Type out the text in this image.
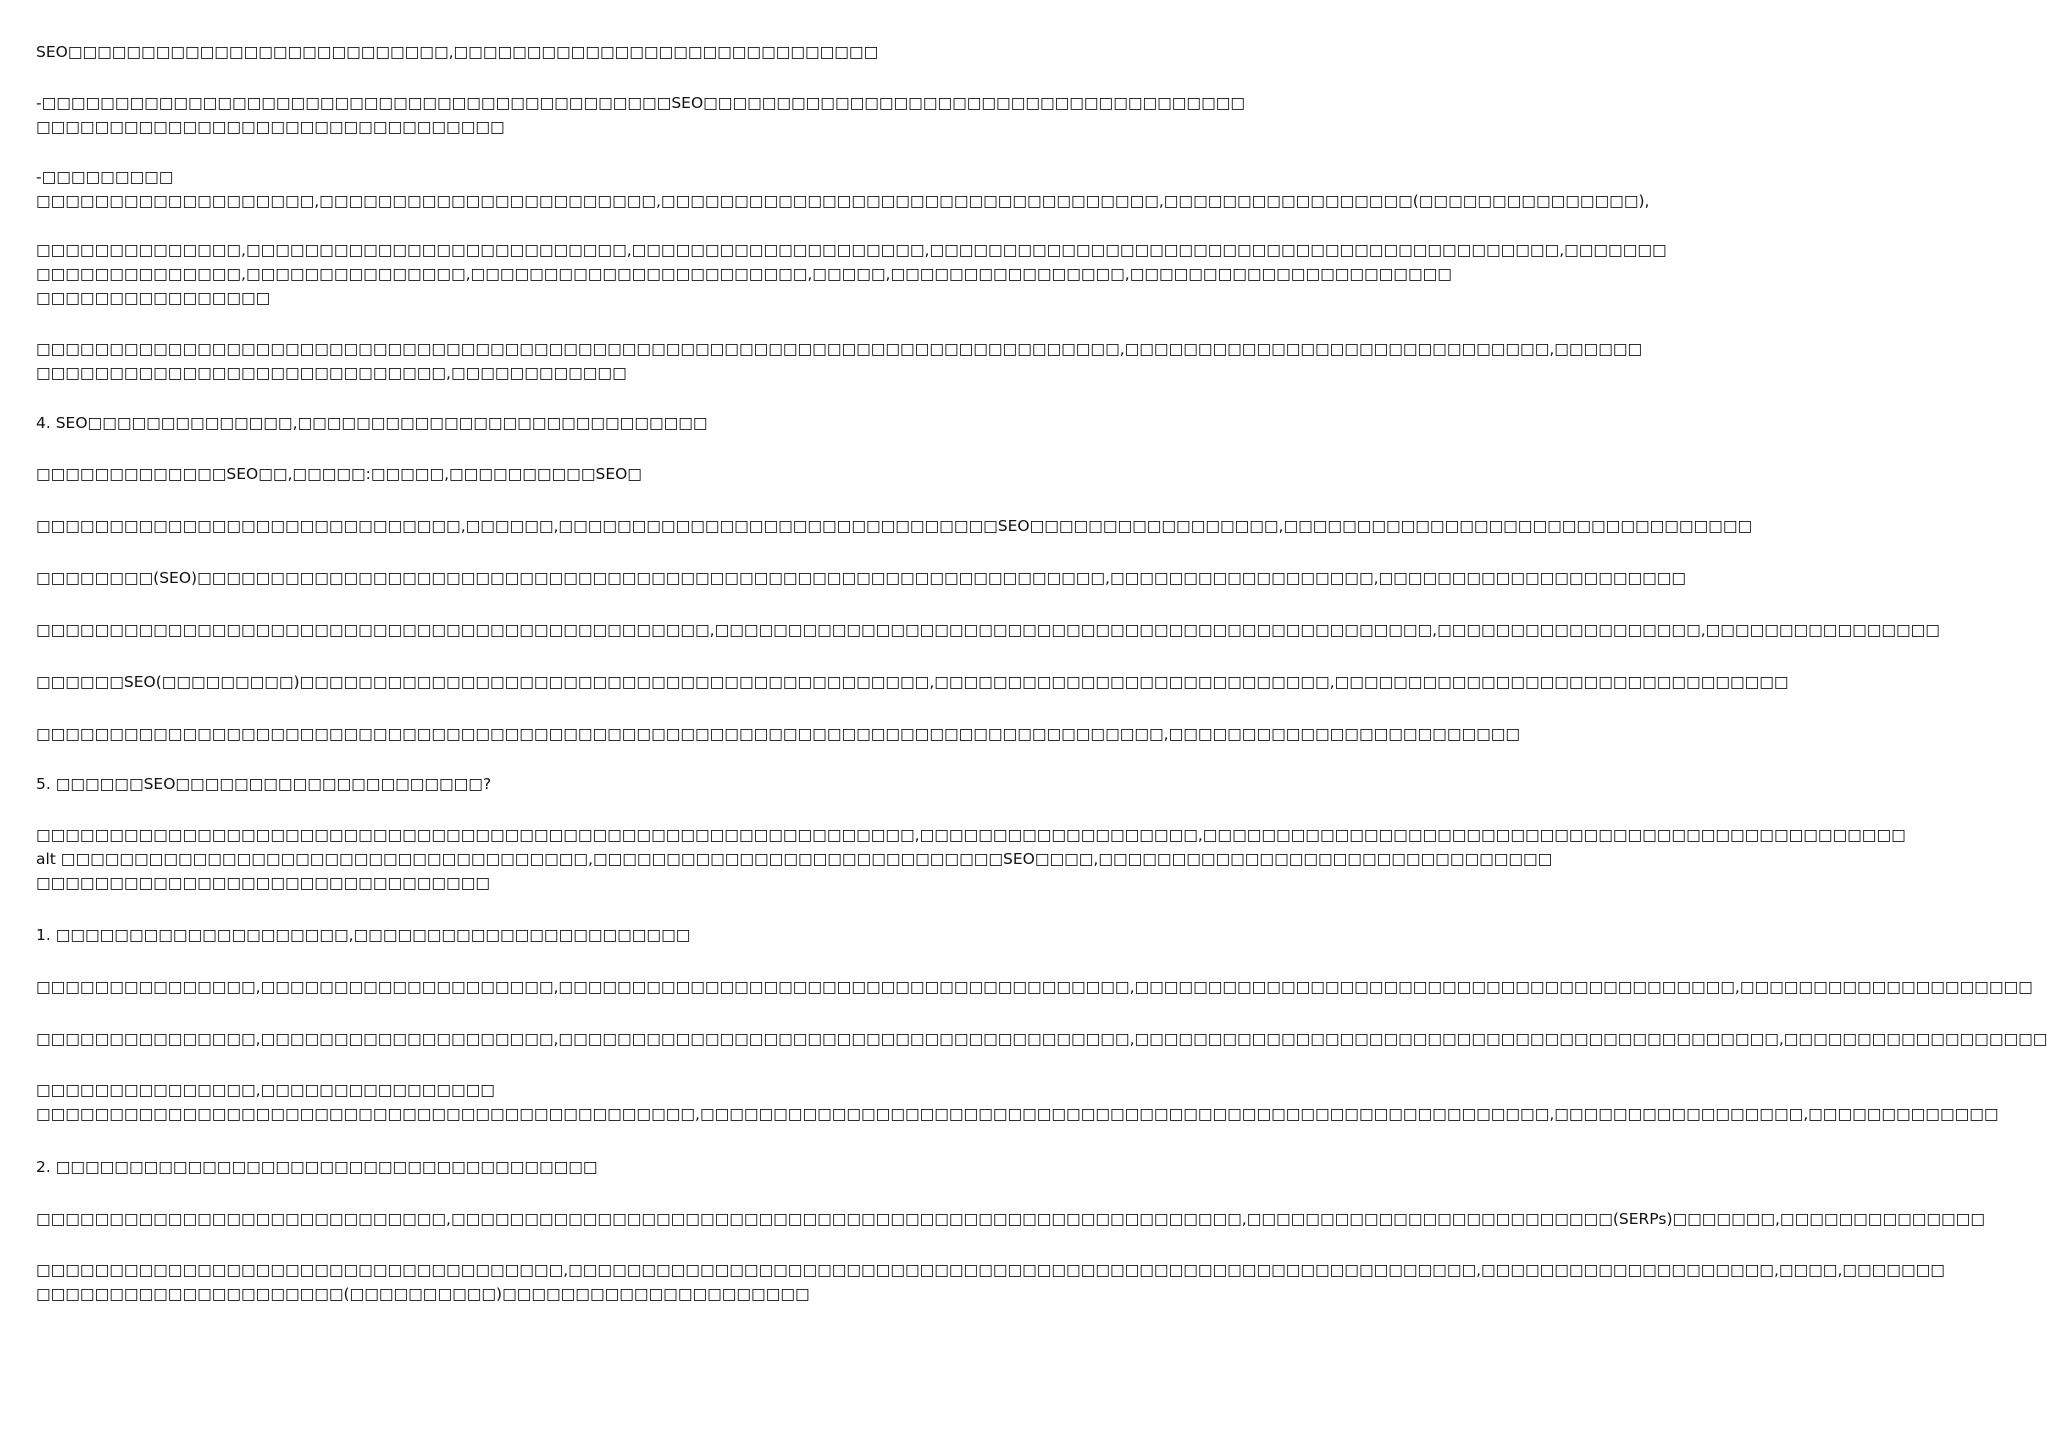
SEO□□□□□□□□□□□□□□□□□□□□□□□□□□,□□□□□□□□□□□□□□□□□□□□□□□□□□□□□
-□□□□□□□□□□□□□□□□□□□□□□□□□□□□□□□□□□□□□□□□□□□SEO□□□□□□□□□□□□□□□□□□□□□□□□□□□□□□□□□□□□□
□□□□□□□□□□□□□□□□□□□□□□□□□□□□□□□□
-□□□□□□□□□
□□□□□□□□□□□□□□□□□□□,□□□□□□□□□□□□□□□□□□□□□□□,□□□□□□□□□□□□□□□□□□□□□□□□□□□□□□□□□□,□□□□□□□□□□□□□□□□□(□□□□□□□□□□□□□□□),
□□□□□□□□□□□□□□,□□□□□□□□□□□□□□□□□□□□□□□□□□,□□□□□□□□□□□□□□□□□□□□,□□□□□□□□□□□□□□□□□□□□□□□□□□□□□□□□□□□□□□□□□□□,□□□□□□□
□□□□□□□□□□□□□□,□□□□□□□□□□□□□□□,□□□□□□□□□□□□□□□□□□□□□□□,□□□□□,□□□□□□□□□□□□□□□□,□□□□□□□□□□□□□□□□□□□□□□
□□□□□□□□□□□□□□□□
□□□□□□□□□□□□□□□□□□□□□□□□□□□□□□□□□□□□□□□□□□□□□□□□□□□□□□□□□□□□□□□□□□□□□□□□□□,□□□□□□□□□□□□□□□□□□□□□□□□□□□□□,□□□□□□
□□□□□□□□□□□□□□□□□□□□□□□□□□□□,□□□□□□□□□□□□
4. SEO□□□□□□□□□□□□□□,□□□□□□□□□□□□□□□□□□□□□□□□□□□□
□□□□□□□□□□□□□SEO□□,□□□□□:□□□□□,□□□□□□□□□□SEO□
□□□□□□□□□□□□□□□□□□□□□□□□□□□□□,□□□□□□,□□□□□□□□□□□□□□□□□□□□□□□□□□□□□□SEO□□□□□□□□□□□□□□□□□,□□□□□□□□□□□□□□□□□□□□□□□□□□□□□□□□
□□□□□□□□(SEO)□□□□□□□□□□□□□□□□□□□□□□□□□□□□□□□□□□□□□□□□□□□□□□□□□□□□□□□□□□□□□□,□□□□□□□□□□□□□□□□□□,□□□□□□□□□□□□□□□□□□□□□
□□□□□□□□□□□□□□□□□□□□□□□□□□□□□□□□□□□□□□□□□□□□□□,□□□□□□□□□□□□□□□□□□□□□□□□□□□□□□□□□□□□□□□□□□□□□□□□□,□□□□□□□□□□□□□□□□□□,□□□□□□□□□□□□□□□□
□□□□□□SEO(□□□□□□□□□)□□□□□□□□□□□□□□□□□□□□□□□□□□□□□□□□□□□□□□□□□□□,□□□□□□□□□□□□□□□□□□□□□□□□□□□,□□□□□□□□□□□□□□□□□□□□□□□□□□□□□□□
□□□□□□□□□□□□□□□□□□□□□□□□□□□□□□□□□□□□□□□□□□□□□□□□□□□□□□□□□□□□□□□□□□□□□□□□□□□□□,□□□□□□□□□□□□□□□□□□□□□□□□
5. □□□□□□SEO□□□□□□□□□□□□□□□□□□□□□?
□□□□□□□□□□□□□□□□□□□□□□□□□□□□□□□□□□□□□□□□□□□□□□□□□□□□□□□□□□□□,□□□□□□□□□□□□□□□□□□□,□□□□□□□□□□□□□□□□□□□□□□□□□□□□□□□□□□□□□□□□□□□□□□□□
alt □□□□□□□□□□□□□□□□□□□□□□□□□□□□□□□□□□□□,□□□□□□□□□□□□□□□□□□□□□□□□□□□□SEO□□□□,□□□□□□□□□□□□□□□□□□□□□□□□□□□□□□□
□□□□□□□□□□□□□□□□□□□□□□□□□□□□□□□
1. □□□□□□□□□□□□□□□□□□□□,□□□□□□□□□□□□□□□□□□□□□□□
□□□□□□□□□□□□□□□,□□□□□□□□□□□□□□□□□□□□,□□□□□□□□□□□□□□□□□□□□□□□□□□□□□□□□□□□□□□□,□□□□□□□□□□□□□□□□□□□□□□□□□□□□□□□□□□□□□□□□□,□□□□□□□□□□□□□□□□□□□□
□□□□□□□□□□□□□□□,□□□□□□□□□□□□□□□□□□□□,□□□□□□□□□□□□□□□□□□□□□□□□□□□□□□□□□□□□□□□,□□□□□□□□□□□□□□□□□□□□□□□□□□□□□□□□□□□□□□□□□□□□,□□□□□□□□□□□□□□□□□□
□□□□□□□□□□□□□□□,□□□□□□□□□□□□□□□□
□□□□□□□□□□□□□□□□□□□□□□□□□□□□□□□□□□□□□□□□□□□□□,□□□□□□□□□□□□□□□□□□□□□□□□□□□□□□□□□□□□□□□□□□□□□□□□□□□□□□□□□□,□□□□□□□□□□□□□□□□□,□□□□□□□□□□□□□
2. □□□□□□□□□□□□□□□□□□□□□□□□□□□□□□□□□□□□□
□□□□□□□□□□□□□□□□□□□□□□□□□□□□,□□□□□□□□□□□□□□□□□□□□□□□□□□□□□□□□□□□□□□□□□□□□□□□□□□□□□□,□□□□□□□□□□□□□□□□□□□□□□□□□(SERPs)□□□□□□□,□□□□□□□□□□□□□□
□□□□□□□□□□□□□□□□□□□□□□□□□□□□□□□□□□□□,□□□□□□□□□□□□□□□□□□□□□□□□□□□□□□□□□□□□□□□□□□□□□□□□□□□□□□□□□□□□□□,□□□□□□□□□□□□□□□□□□□□,□□□□,□□□□□□□
□□□□□□□□□□□□□□□□□□□□□(□□□□□□□□□□)□□□□□□□□□□□□□□□□□□□□□
